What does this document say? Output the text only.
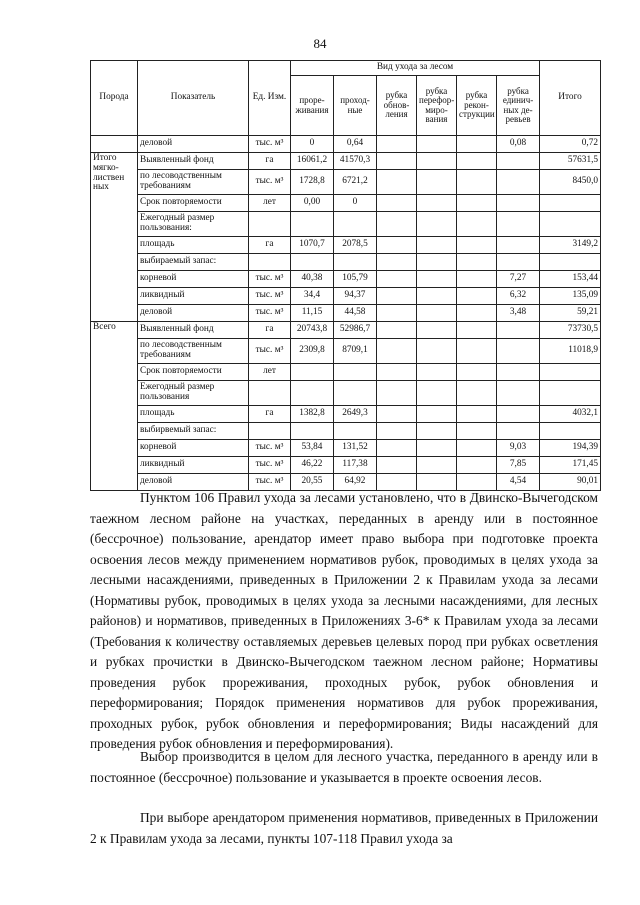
84
Порода	Показатель	Ед. Изм.	Вид ухода за лесом						Итого
			проре-живания	проход-ные	рубка обнов-ления	рубка перефор-миро-вания	рубка рекон-струкции	рубка единич-ных де-ревьев	
	деловой	тыс. м³	0	0,64				0,08	0,72
Итого мягко-листвен ных	Выявленный фонд	га	16061,2	41570,3					57631,5
	по лесоводственным требованиям	тыс. м³	1728,8	6721,2					8450,0
	Срок повторяемости	лет	0,00	0					
	Ежегодный размер пользования:								
	площадь	га	1070,7	2078,5					3149,2
	выбираемый запас:								
	корневой	тыс. м³	40,38	105,79				7,27	153,44
	ликвидный	тыс. м³	34,4	94,37				6,32	135,09
	деловой	тыс. м³	11,15	44,58				3,48	59,21
Всего	Выявленный фонд	га	20743,8	52986,7					73730,5
	по лесоводственным требованиям	тыс. м³	2309,8	8709,1					11018,9
	Срок повторяемости	лет							
	Ежегодный размер пользования								
	площадь	га	1382,8	2649,3					4032,1
	выбирвемый запас:								
	корневой	тыс. м³	53,84	131,52				9,03	194,39
	ликвидный	тыс. м³	46,22	117,38				7,85	171,45
	деловой	тыс. м³	20,55	64,92				4,54	90,01

Пунктом 106 Правил ухода за лесами установлено, что в Двинско-Вычегодском таежном лесном районе на участках, переданных в аренду или в постоянное (бессрочное) пользование, арендатор имеет право выбора при подготовке проекта освоения лесов между применением нормативов рубок, проводимых в целях ухода за лесными насаждениями, приведенных в Приложении 2 к Правилам ухода за лесами (Нормативы рубок, проводимых в целях ухода за лесными насаждениями, для лесных районов) и нормативов, приведенных в Приложениях 3-6* к Правилам ухода за лесами (Требования к количеству оставляемых деревьев целевых пород при рубках осветления и рубках прочистки в Двинско-Вычегодском таежном лесном районе; Нормативы проведения рубок прореживания, проходных рубок, рубок обновления и переформирования; Порядок применения нормативов для рубок прореживания, проходных рубок, рубок обновления и переформирования; Виды насаждений для проведения рубок обновления и переформирования).

Выбор производится в целом для лесного участка, переданного в аренду или в постоянное (бессрочное) пользование и указывается в проекте освоения лесов.

При выборе арендатором применения нормативов, приведенных в Приложении 2 к Правилам ухода за лесами, пункты 107-118 Правил ухода за
